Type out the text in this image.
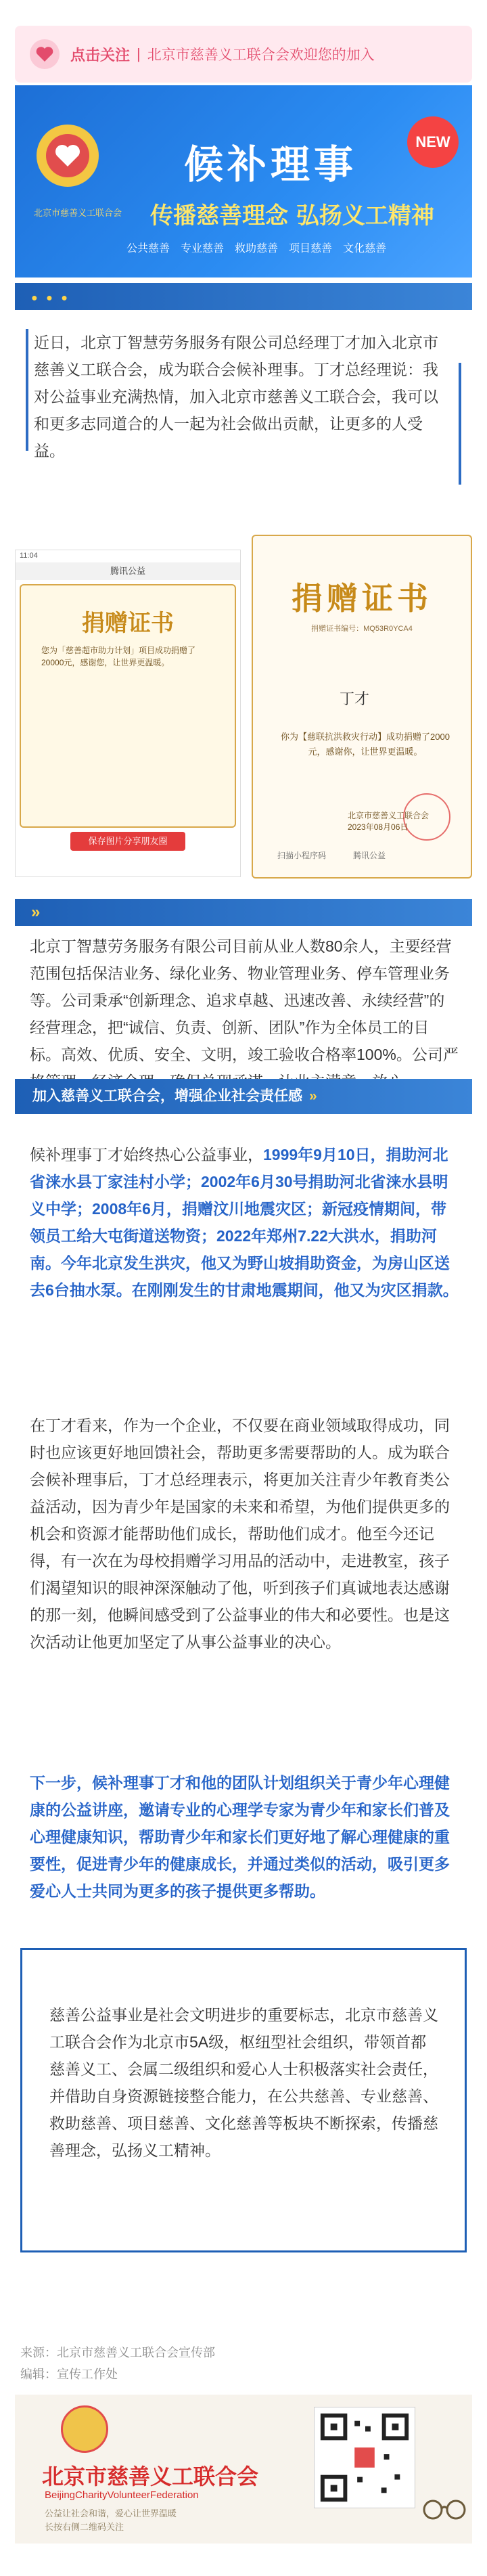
点击关注 | 北京市慈善义工联合会欢迎您的加入
北京市慈善义工联合会
候补理事
传播慈善理念 弘扬义工精神
NEW
公共慈善 专业慈善 救助慈善 项目慈善 文化慈善
● ● ●
近日，北京丁智慧劳务服务有限公司总经理丁才加入北京市慈善义工联合会，成为联合会候补理事。丁才总经理说：我对公益事业充满热情，加入北京市慈善义工联合会，我可以和更多志同道合的人一起为社会做出贡献，让更多的人受益。
11:04
腾讯公益
捐赠证书
您为「慈善超市助力计划」项目成功捐赠了20000元，感谢您，让世界更温暖。
保存图片分享朋友圈
捐赠证书
捐赠证书编号：MQ53R0YCA4
丁才
你为【慈联抗洪救灾行动】成功捐赠了2000元，感谢你，让世界更温暖。
北京市慈善义工联合会
2023年08月06日
扫描小程序码	腾讯公益
»
北京丁智慧劳务服务有限公司目前从业人数80余人，主要经营范围包括保洁业务、绿化业务、物业管理业务、停车管理业务等。公司秉承“创新理念、追求卓越、迅速改善、永续经营”的经营理念，把“诚信、负责、创新、团队”作为全体员工的目标。高效、优质、安全、文明，竣工验收合格率100%。公司严
加入慈善义工联合会，增强企业社会责任感 »
候补理事丁才始终热心公益事业，1999年9月10日，捐助河北省涞水县丁家洼村小学；2002年6月30号捐助河北省涞水县明义中学；2008年6月，捐赠汶川地震灾区；新冠疫情期间，带领员工给大屯街道送物资；2022年郑州7.22大洪水，捐助河南。今年北京发生洪灾，他又为野山坡捐助资金，为房山区送去6台抽水泵。在刚刚发生的甘肃地震期间，他又为灾区捐款。
在丁才看来，作为一个企业，不仅要在商业领域取得成功，同时也应该更好地回馈社会，帮助更多需要帮助的人。成为联合会候补理事后，丁才总经理表示，将更加关注青少年教育类公益活动，因为青少年是国家的未来和希望，为他们提供更多的机会和资源才能帮助他们成长，帮助他们成才。他至今还记得，有一次在为母校捐赠学习用品的活动中，走进教室，孩子们渴望知识的眼神深深触动了他，听到孩子们真诚地表达感谢的那一刻，他瞬间感受到了公益事业的伟大和必要性。也是这次活动让他更加坚定了从事公益事业的决心。
下一步，候补理事丁才和他的团队计划组织关于青少年心理健康的公益讲座，邀请专业的心理学专家为青少年和家长们普及心理健康知识，帮助青少年和家长们更好地了解心理健康的重要性，促进青少年的健康成长，并通过类似的活动，吸引更多爱心人士共同为更多的孩子提供更多帮助。
慈善公益事业是社会文明进步的重要标志，北京市慈善义工联合会作为北京市5A级，枢纽型社会组织，带领首都慈善义工、会属二级组织和爱心人士积极落实社会责任，并借助自身资源链接整合能力，在公共慈善、专业慈善、救助慈善、项目慈善、文化慈善等板块不断探索，传播慈善理念，弘扬义工精神。
来源：北京市慈善义工联合会宣传部
编辑：宣传工作处
北京市慈善义工联合会
BeijingCharityVolunteerFederation
公益让社会和谐，爱心让世界温暖
长按右侧二维码关注
